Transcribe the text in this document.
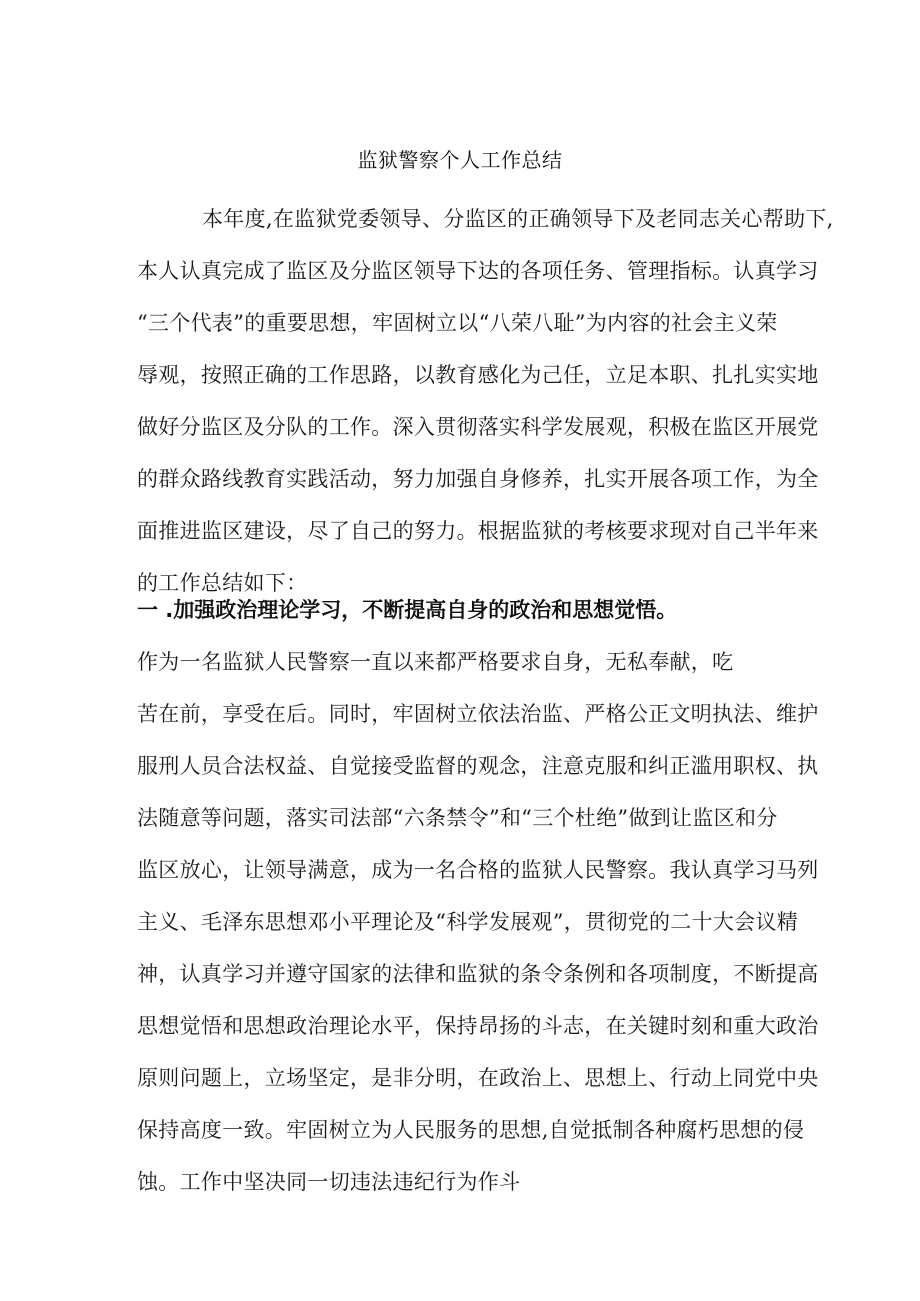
监狱警察个人工作总结
本年度,在监狱党委领导、分监区的正确领导下及老同志关心帮助下,
本人认真完成了监区及分监区领导下达的各项任务、管理指标。认真学习
“三个代表”的重要思想，牢固树立以“八荣八耻”为内容的社会主义荣
辱观，按照正确的工作思路，以教育感化为己任，立足本职、扎扎实实地
做好分监区及分队的工作。深入贯彻落实科学发展观，积极在监区开展党
的群众路线教育实践活动，努力加强自身修养，扎实开展各项工作，为全
面推进监区建设，尽了自己的努力。根据监狱的考核要求现对自己半年来
的工作总结如下：
一 .加强政治理论学习，不断提高自身的政治和思想觉悟。
作为一名监狱人民警察一直以来都严格要求自身，无私奉献，吃
苦在前，享受在后。同时，牢固树立依法治监、严格公正文明执法、维护
服刑人员合法权益、自觉接受监督的观念，注意克服和纠正滥用职权、执
法随意等问题，落实司法部“六条禁令”和“三个杜绝”做到让监区和分
监区放心，让领导满意，成为一名合格的监狱人民警察。我认真学习马列
主义、毛泽东思想邓小平理论及“科学发展观”，贯彻党的二十大会议精
神，认真学习并遵守国家的法律和监狱的条令条例和各项制度，不断提高
思想觉悟和思想政治理论水平，保持昂扬的斗志，在关键时刻和重大政治
原则问题上，立场坚定，是非分明，在政治上、思想上、行动上同党中央
保持高度一致。牢固树立为人民服务的思想,自觉抵制各种腐朽思想的侵
蚀。工作中坚决同一切违法违纪行为作斗
